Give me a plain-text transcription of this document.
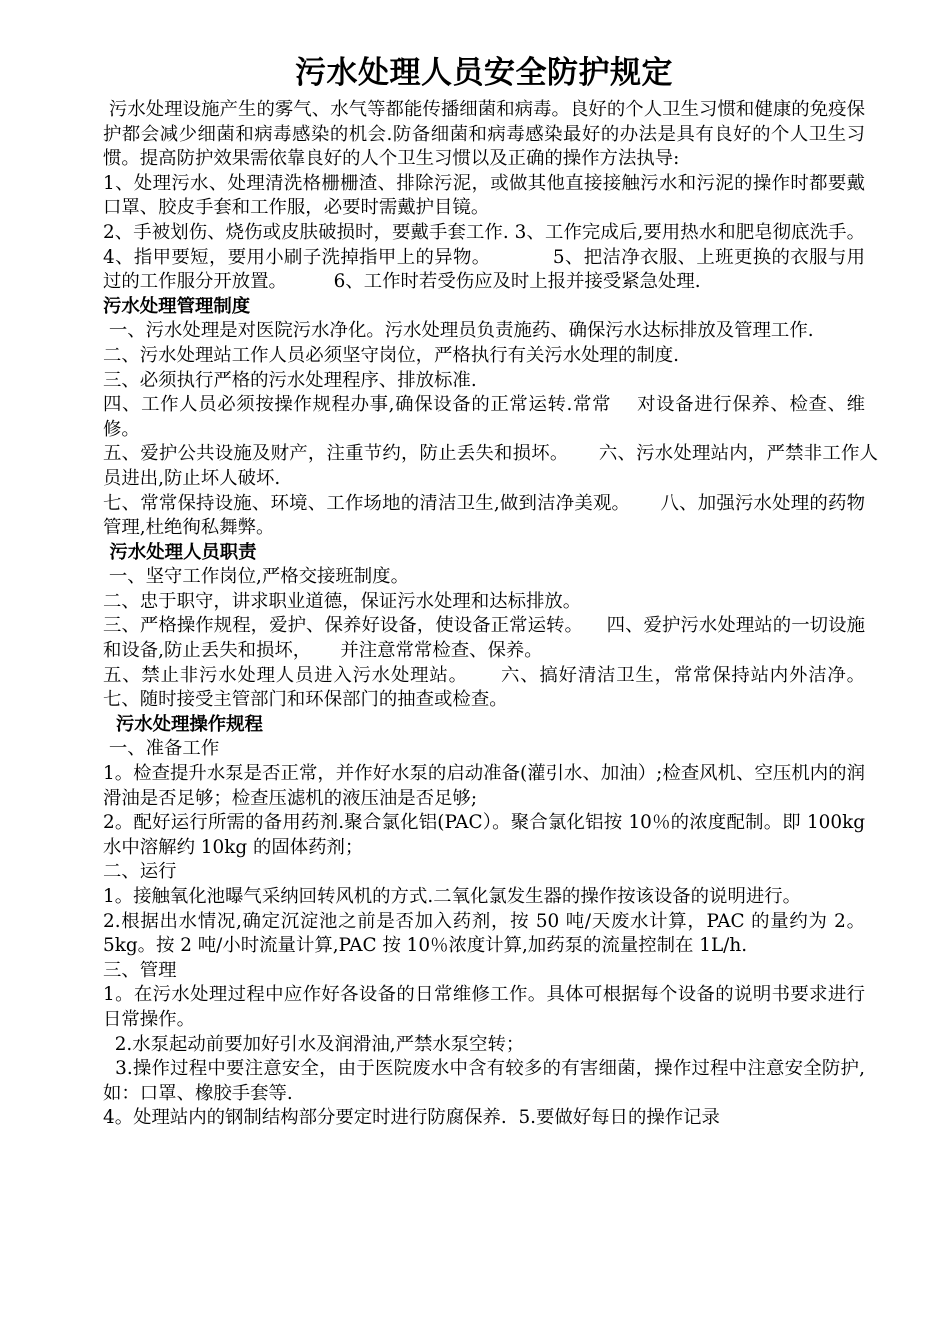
污水处理人员安全防护规定

污水处理设施产生的雾气、水气等都能传播细菌和病毒。良好的个人卫生习惯和健康的免疫保护都会减少细菌和病毒感染的机会.防备细菌和病毒感染最好的办法是具有良好的个人卫生习惯。提高防护效果需依靠良好的人个卫生习惯以及正确的操作方法执导:

1、处理污水、处理清洗格栅栅渣、排除污泥，或做其他直接接触污水和污泥的操作时都要戴口罩、胶皮手套和工作服，必要时需戴护目镜。

2、手被划伤、烧伤或皮肤破损时，要戴手套工作. 3、工作完成后,要用热水和肥皂彻底洗手。        4、指甲要短，要用小刷子洗掉指甲上的异物。          5、把洁净衣服、上班更换的衣服与用过的工作服分开放置。        6、工作时若受伤应及时上报并接受紧急处理.

污水处理管理制度

一、污水处理是对医院污水净化。污水处理员负责施药、确保污水达标排放及管理工作.

二、污水处理站工作人员必须坚守岗位，严格执行有关污水处理的制度.

三、必须执行严格的污水处理程序、排放标准.

四、工作人员必须按操作规程办事,确保设备的正常运转.常常    对设备进行保养、检查、维修。

五、爱护公共设施及财产，注重节约，防止丢失和损坏。     六、污水处理站内，严禁非工作人员进出,防止坏人破坏.

七、常常保持设施、环境、工作场地的清洁卫生,做到洁净美观。     八、加强污水处理的药物管理,杜绝徇私舞弊。

污水处理人员职责

一、坚守工作岗位,严格交接班制度。

二、忠于职守，讲求职业道德，保证污水处理和达标排放。

三、严格操作规程，爱护、保养好设备，使设备正常运转。    四、爱护污水处理站的一切设施和设备,防止丢失和损坏，     并注意常常检查、保养。

五、禁止非污水处理人员进入污水处理站。     六、搞好清洁卫生，常常保持站内外洁净。     七、随时接受主管部门和环保部门的抽查或检查。

污水处理操作规程

一、准备工作

1。检查提升水泵是否正常，并作好水泵的启动准备(灌引水、加油）;检查风机、空压机内的润滑油是否足够；检查压滤机的液压油是否足够;

2。配好运行所需的备用药剂.聚合氯化铝(PAC）。聚合氯化铝按 10％的浓度配制。即 100kg 水中溶解约 10kg 的固体药剂；

二、运行

1。接触氧化池曝气采纳回转风机的方式.二氧化氯发生器的操作按该设备的说明进行。

2.根据出水情况,确定沉淀池之前是否加入药剂，按 50 吨/天废水计算，PAC 的量约为 2。5kg。按 2 吨/小时流量计算,PAC 按 10％浓度计算,加药泵的流量控制在 1L/h.

三、管理

1。在污水处理过程中应作好各设备的日常维修工作。具体可根据每个设备的说明书要求进行日常操作。

2.水泵起动前要加好引水及润滑油,严禁水泵空转；

3.操作过程中要注意安全，由于医院废水中含有较多的有害细菌，操作过程中注意安全防护,如：口罩、橡胶手套等.

4。处理站内的钢制结构部分要定时进行防腐保养.  5.要做好每日的操作记录
